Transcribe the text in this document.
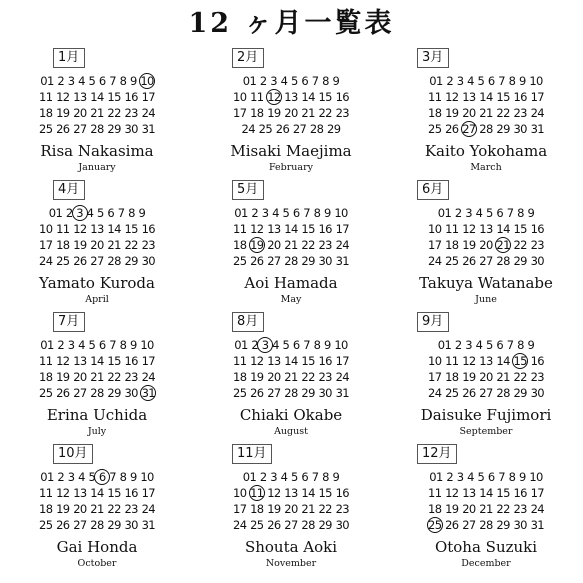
12 ヶ月一覧表
1月
01 2 3 4 5 6 7 8 9 10
11 12 13 14 15 16 17
18 19 20 21 22 23 24
25 26 27 28 29 30 31
Risa Nakasima
January
2月
01 2 3 4 5 6 7 8 9
10 11 12 13 14 15 16
17 18 19 20 21 22 23
24 25 26 27 28 29
Misaki Maejima
February
3月
01 2 3 4 5 6 7 8 9 10
11 12 13 14 15 16 17
18 19 20 21 22 23 24
25 26 27 28 29 30 31
Kaito Yokohama
March
4月
01 2 3 4 5 6 7 8 9
10 11 12 13 14 15 16
17 18 19 20 21 22 23
24 25 26 27 28 29 30
Yamato Kuroda
April
5月
01 2 3 4 5 6 7 8 9 10
11 12 13 14 15 16 17
18 19 20 21 22 23 24
25 26 27 28 29 30 31
Aoi Hamada
May
6月
01 2 3 4 5 6 7 8 9
10 11 12 13 14 15 16
17 18 19 20 21 22 23
24 25 26 27 28 29 30
Takuya Watanabe
June
7月
01 2 3 4 5 6 7 8 9 10
11 12 13 14 15 16 17
18 19 20 21 22 23 24
25 26 27 28 29 30 31
Erina Uchida
July
8月
01 2 3 4 5 6 7 8 9 10
11 12 13 14 15 16 17
18 19 20 21 22 23 24
25 26 27 28 29 30 31
Chiaki Okabe
August
9月
01 2 3 4 5 6 7 8 9
10 11 12 13 14 15 16
17 18 19 20 21 22 23
24 25 26 27 28 29 30
Daisuke Fujimori
September
10月
01 2 3 4 5 6 7 8 9 10
11 12 13 14 15 16 17
18 19 20 21 22 23 24
25 26 27 28 29 30 31
Gai Honda
October
11月
01 2 3 4 5 6 7 8 9
10 11 12 13 14 15 16
17 18 19 20 21 22 23
24 25 26 27 28 29 30
Shouta Aoki
November
12月
01 2 3 4 5 6 7 8 9 10
11 12 13 14 15 16 17
18 19 20 21 22 23 24
25 26 27 28 29 30 31
Otoha Suzuki
December
